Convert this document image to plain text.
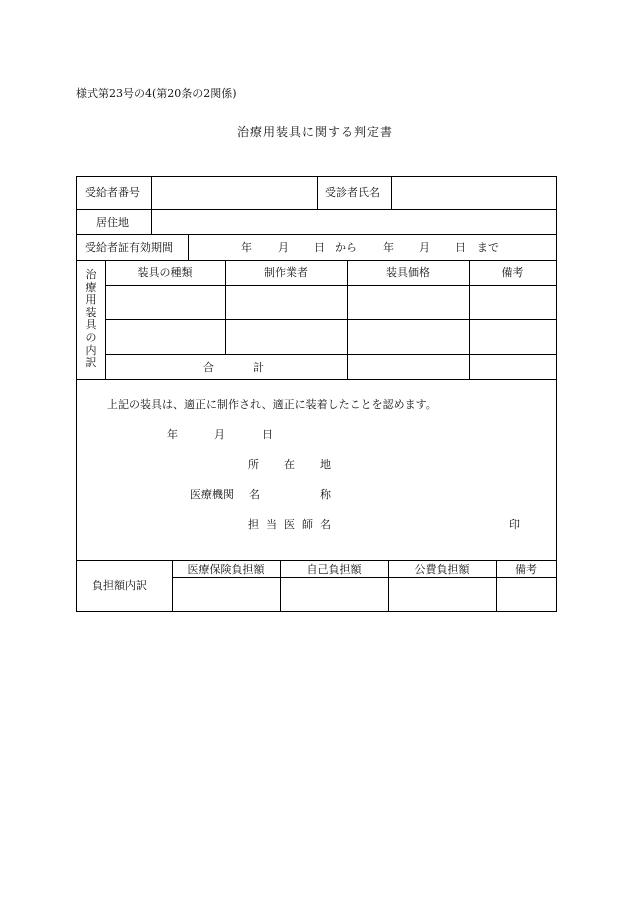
様式第23号の4(第20条の2関係)
治療用装具に関する判定書
受給者番号	受診者氏名
居住地
受給者証有効期間	年 月 日 から 年 月 日 まで
治
療
用
装
具
の
内
訳
装具の種類	制作業者	装具価格	備考
合	計
上記の装具は、適正に制作され、適正に装着したことを認めます。
年	月	日
所 在 地
医療機関 名	称
担 当 医 師 名	印
負担額内訳
医療保険負担額	自己負担額	公費負担額	備考
